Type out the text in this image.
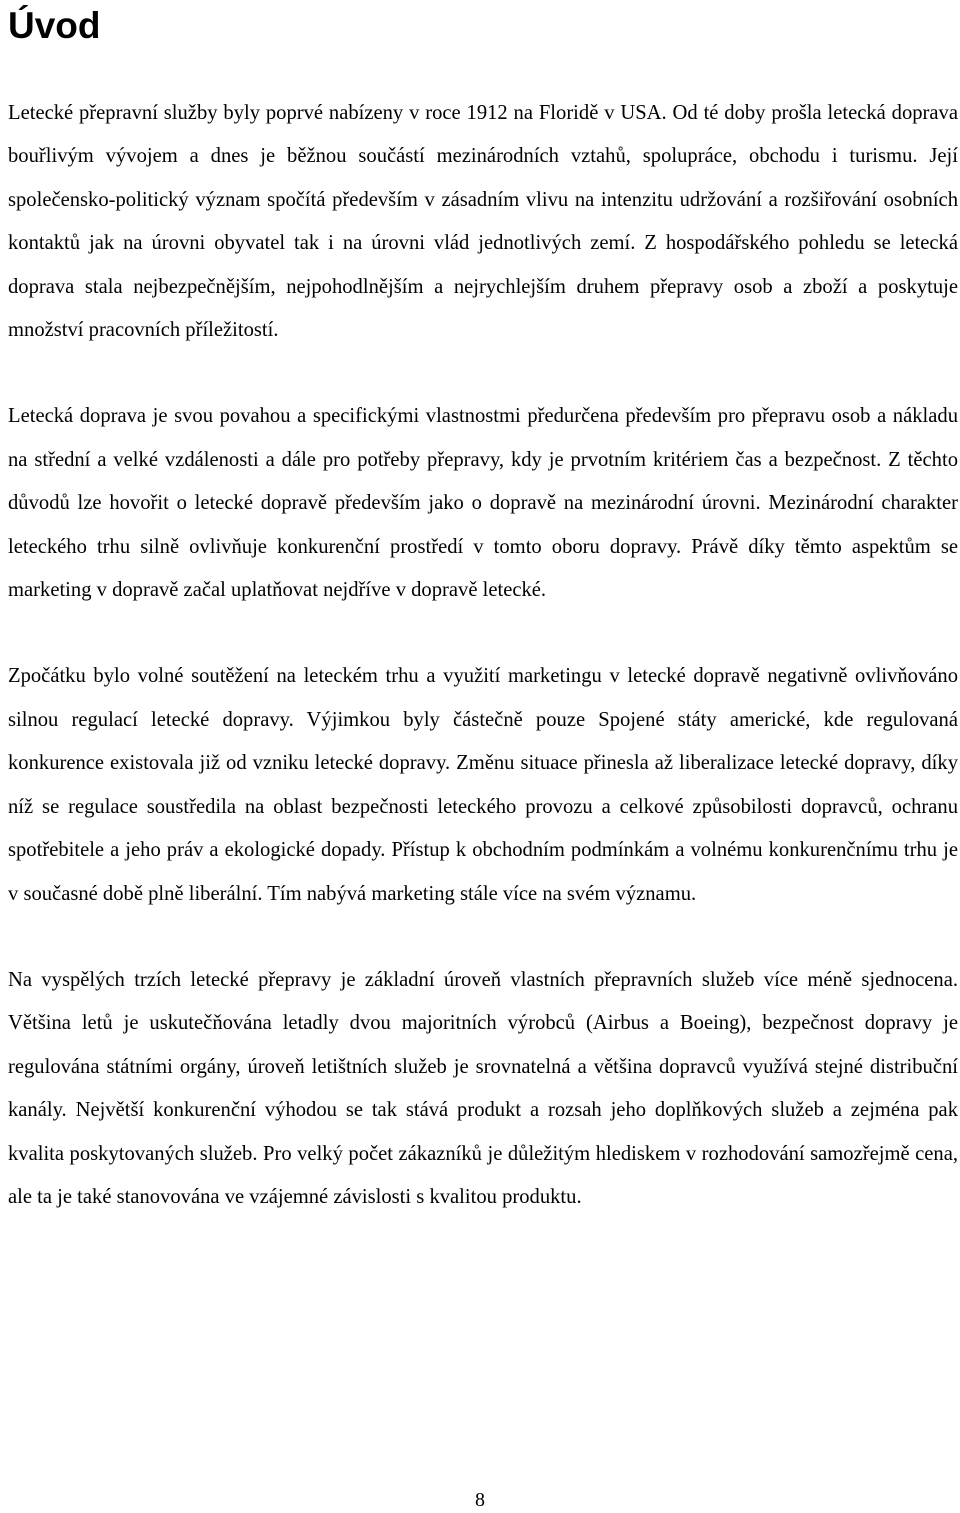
Úvod

Letecké přepravní služby byly poprvé nabízeny v roce 1912 na Floridě v USA. Od té doby prošla letecká doprava bouřlivým vývojem a dnes je běžnou součástí mezinárodních vztahů, spolupráce, obchodu i turismu. Její společensko-politický význam spočítá především v zásadním vlivu na intenzitu udržování a rozšiřování osobních kontaktů jak na úrovni obyvatel tak i na úrovni vlád jednotlivých zemí. Z hospodářského pohledu se letecká doprava stala nejbezpečnějším, nejpohodlnějším a nejrychlejším druhem přepravy osob a zboží a poskytuje množství pracovních příležitostí.

Letecká doprava je svou povahou a specifickými vlastnostmi předurčena především pro přepravu osob a nákladu na střední a velké vzdálenosti a dále pro potřeby přepravy, kdy je prvotním kritériem čas a bezpečnost. Z těchto důvodů lze hovořit o letecké dopravě především jako o dopravě na mezinárodní úrovni. Mezinárodní charakter leteckého trhu silně ovlivňuje konkurenční prostředí v tomto oboru dopravy. Právě díky těmto aspektům se marketing v dopravě začal uplatňovat nejdříve v dopravě letecké.

Zpočátku bylo volné soutěžení na leteckém trhu a využití marketingu v letecké dopravě negativně ovlivňováno silnou regulací letecké dopravy. Výjimkou byly částečně pouze Spojené státy americké, kde regulovaná konkurence existovala již od vzniku letecké dopravy. Změnu situace přinesla až liberalizace letecké dopravy, díky níž se regulace soustředila na oblast bezpečnosti leteckého provozu a celkové způsobilosti dopravců, ochranu spotřebitele a jeho práv a ekologické dopady. Přístup k obchodním podmínkám a volnému konkurenčnímu trhu je v současné době plně liberální. Tím nabývá marketing stále více na svém významu.

Na vyspělých trzích letecké přepravy je základní úroveň vlastních přepravních služeb více méně sjednocena. Většina letů je uskutečňována letadly dvou majoritních výrobců (Airbus a Boeing), bezpečnost dopravy je regulována státními orgány, úroveň letištních služeb je srovnatelná a většina dopravců využívá stejné distribuční kanály. Největší konkurenční výhodou se tak stává produkt a rozsah jeho doplňkových služeb a zejména pak kvalita poskytovaných služeb. Pro velký počet zákazníků je důležitým hlediskem v rozhodování samozřejmě cena, ale ta je také stanovována ve vzájemné závislosti s kvalitou produktu.

8
